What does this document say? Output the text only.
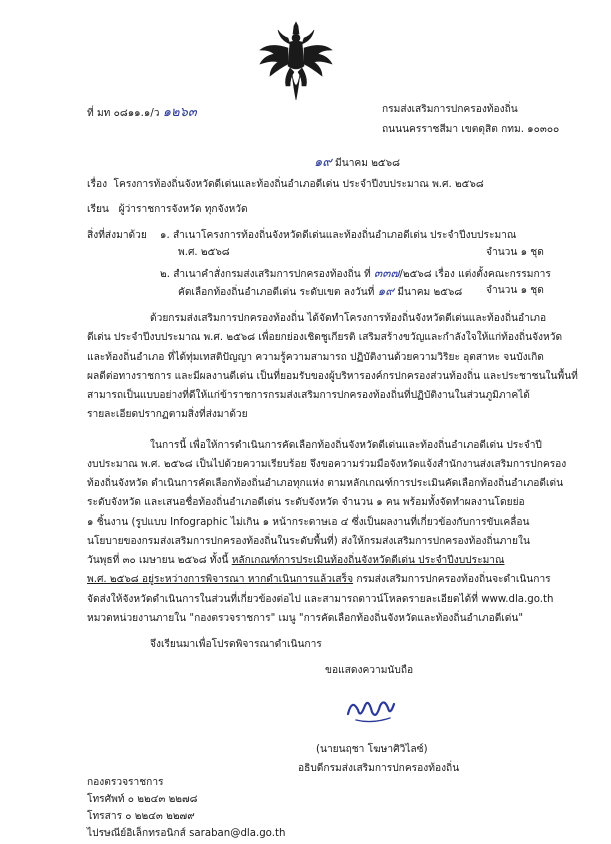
ที่ มท ๐๘๑๑.๑/ว ๑๒๖๓	กรมส่งเสริมการปกครองท้องถิ่น
ถนนนครราชสีมา เขตดุสิต กทม. ๑๐๓๐๐
๑๙ มีนาคม ๒๕๖๘
เรื่อง โครงการท้องถิ่นจังหวัดดีเด่นและท้องถิ่นอำเภอดีเด่น ประจำปีงบประมาณ พ.ศ. ๒๕๖๘
เรียน ผู้ว่าราชการจังหวัด ทุกจังหวัด
สิ่งที่ส่งมาด้วย ๑. สำเนาโครงการท้องถิ่นจังหวัดดีเด่นและท้องถิ่นอำเภอดีเด่น ประจำปีงบประมาณ
พ.ศ. ๒๕๖๘	จำนวน ๑ ชุด
๒. สำเนาคำสั่งกรมส่งเสริมการปกครองท้องถิ่น ที่ ๓๓๗/๒๕๖๘ เรื่อง แต่งตั้งคณะกรรมการ
คัดเลือกท้องถิ่นอำเภอดีเด่น ระดับเขต ลงวันที่ ๑๙ มีนาคม ๒๕๖๘ จำนวน ๑ ชุด
ด้วยกรมส่งเสริมการปกครองท้องถิ่น ได้จัดทำโครงการท้องถิ่นจังหวัดดีเด่นและท้องถิ่นอำเภอ
ดีเด่น ประจำปีงบประมาณ พ.ศ. ๒๕๖๘ เพื่อยกย่องเชิดชูเกียรติ เสริมสร้างขวัญและกำลังใจให้แก่ท้องถิ่นจังหวัด
และท้องถิ่นอำเภอ ที่ได้ทุ่มเทสติปัญญา ความรู้ความสามารถ ปฏิบัติงานด้วยความวิริยะ อุตสาหะ จนบังเกิด
ผลดีต่อทางราชการ และมีผลงานดีเด่น เป็นที่ยอมรับของผู้บริหารองค์กรปกครองส่วนท้องถิ่น และประชาชนในพื้นที่
สามารถเป็นแบบอย่างที่ดีให้แก่ข้าราชการกรมส่งเสริมการปกครองท้องถิ่นที่ปฏิบัติงานในส่วนภูมิภาคได้
รายละเอียดปรากฏตามสิ่งที่ส่งมาด้วย
ในการนี้ เพื่อให้การดำเนินการคัดเลือกท้องถิ่นจังหวัดดีเด่นและท้องถิ่นอำเภอดีเด่น ประจำปี
งบประมาณ พ.ศ. ๒๕๖๘ เป็นไปด้วยความเรียบร้อย จึงขอความร่วมมือจังหวัดแจ้งสำนักงานส่งเสริมการปกครอง
ท้องถิ่นจังหวัด ดำเนินการคัดเลือกท้องถิ่นอำเภอทุกแห่ง ตามหลักเกณฑ์การประเมินคัดเลือกท้องถิ่นอำเภอดีเด่น
ระดับจังหวัด และเสนอชื่อท้องถิ่นอำเภอดีเด่น ระดับจังหวัด จำนวน ๑ คน พร้อมทั้งจัดทำผลงานโดยย่อ
๑ ชิ้นงาน (รูปแบบ Infographic ไม่เกิน ๑ หน้ากระดาษเอ ๔ ซึ่งเป็นผลงานที่เกี่ยวข้องกับการขับเคลื่อน
นโยบายของกรมส่งเสริมการปกครองท้องถิ่นในระดับพื้นที่) ส่งให้กรมส่งเสริมการปกครองท้องถิ่นภายใน
วันพุธที่ ๓๐ เมษายน ๒๕๖๘ ทั้งนี้ หลักเกณฑ์การประเมินท้องถิ่นจังหวัดดีเด่น ประจำปีงบประมาณ
พ.ศ. ๒๕๖๘ อยู่ระหว่างการพิจารณา หากดำเนินการแล้วเสร็จ กรมส่งเสริมการปกครองท้องถิ่นจะดำเนินการ
จัดส่งให้จังหวัดดำเนินการในส่วนที่เกี่ยวข้องต่อไป และสามารถดาวน์โหลดรายละเอียดได้ที่ www.dla.go.th
หมวดหน่วยงานภายใน "กองตรวจราชการ" เมนู "การคัดเลือกท้องถิ่นจังหวัดและท้องถิ่นอำเภอดีเด่น"
จึงเรียนมาเพื่อโปรดพิจารณาดำเนินการ
ขอแสดงความนับถือ
(นายนฤชา โฆษาศิวิไลซ์)
อธิบดีกรมส่งเสริมการปกครองท้องถิ่น
กองตรวจราชการ
โทรศัพท์ ๐ ๒๒๔๓ ๒๒๗๘
โทรสาร ๐ ๒๒๔๓ ๒๒๗๙
ไปรษณีย์อิเล็กทรอนิกส์ saraban@dla.go.th
